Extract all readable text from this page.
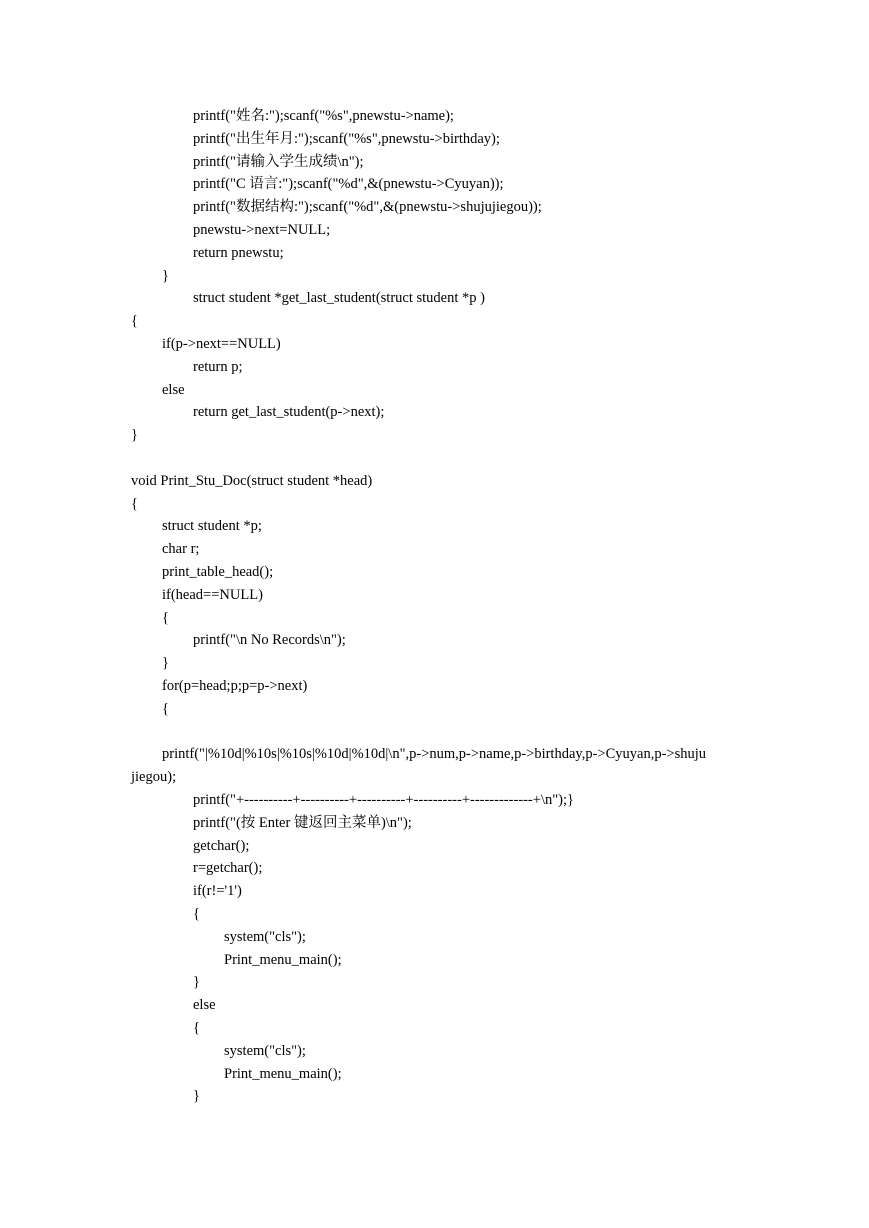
printf("姓名:");scanf("%s",pnewstu->name);
printf("出生年月:");scanf("%s",pnewstu->birthday);
printf("请输入学生成绩\n");
printf("C 语言:");scanf("%d",&(pnewstu->Cyuyan));
printf("数据结构:");scanf("%d",&(pnewstu->shujujiegou));
pnewstu->next=NULL;
return pnewstu;
}
struct student *get_last_student(struct student *p )
{
if(p->next==NULL)
return p;
else
return get_last_student(p->next);
}
void Print_Stu_Doc(struct student *head)
{
struct student *p;
char r;
print_table_head();
if(head==NULL)
{
printf("\n No Records\n");
}
for(p=head;p;p=p->next)
{
printf("|%10d|%10s|%10s|%10d|%10d|\n",p->num,p->name,p->birthday,p->Cyuyan,p->shuju
jiegou);
printf("+----------+----------+----------+----------+-------------+\n");}
printf("(按 Enter 键返回主菜单)\n");
getchar();
r=getchar();
if(r!='1')
{
system("cls");
Print_menu_main();
}
else
{
system("cls");
Print_menu_main();
}
